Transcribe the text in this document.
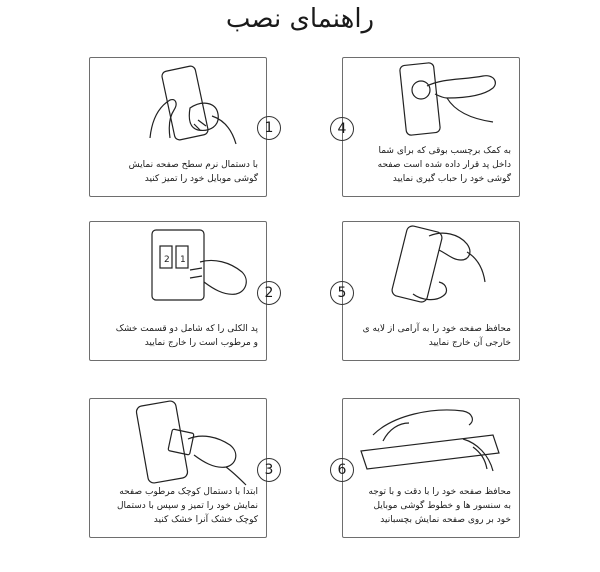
راهنمای نصب
با دستمال نرم سطح صفحه نمایش
گوشی موبایل خود را تمیز کنید
1
به کمک برچسب بوقی که برای شما
داخل پد قرار داده شده است صفحه
گوشی خود را حباب گیری نمایید
4
2 1
پد الکلی را که شامل دو قسمت خشک
و مرطوب است را خارج نمایید
2
محافظ صفحه خود را به آرامی از لایه ی
خارجی آن خارج نمایید
5
ابتدا با دستمال کوچک مرطوب صفحه
نمایش خود را تمیز و سپس با دستمال
کوچک خشک آنرا خشک کنید
3
محافظ صفحه خود را با دقت و با توجه
به سنسور ها و خطوط گوشی موبایل
خود بر روی صفحه نمایش بچسبانید
6
